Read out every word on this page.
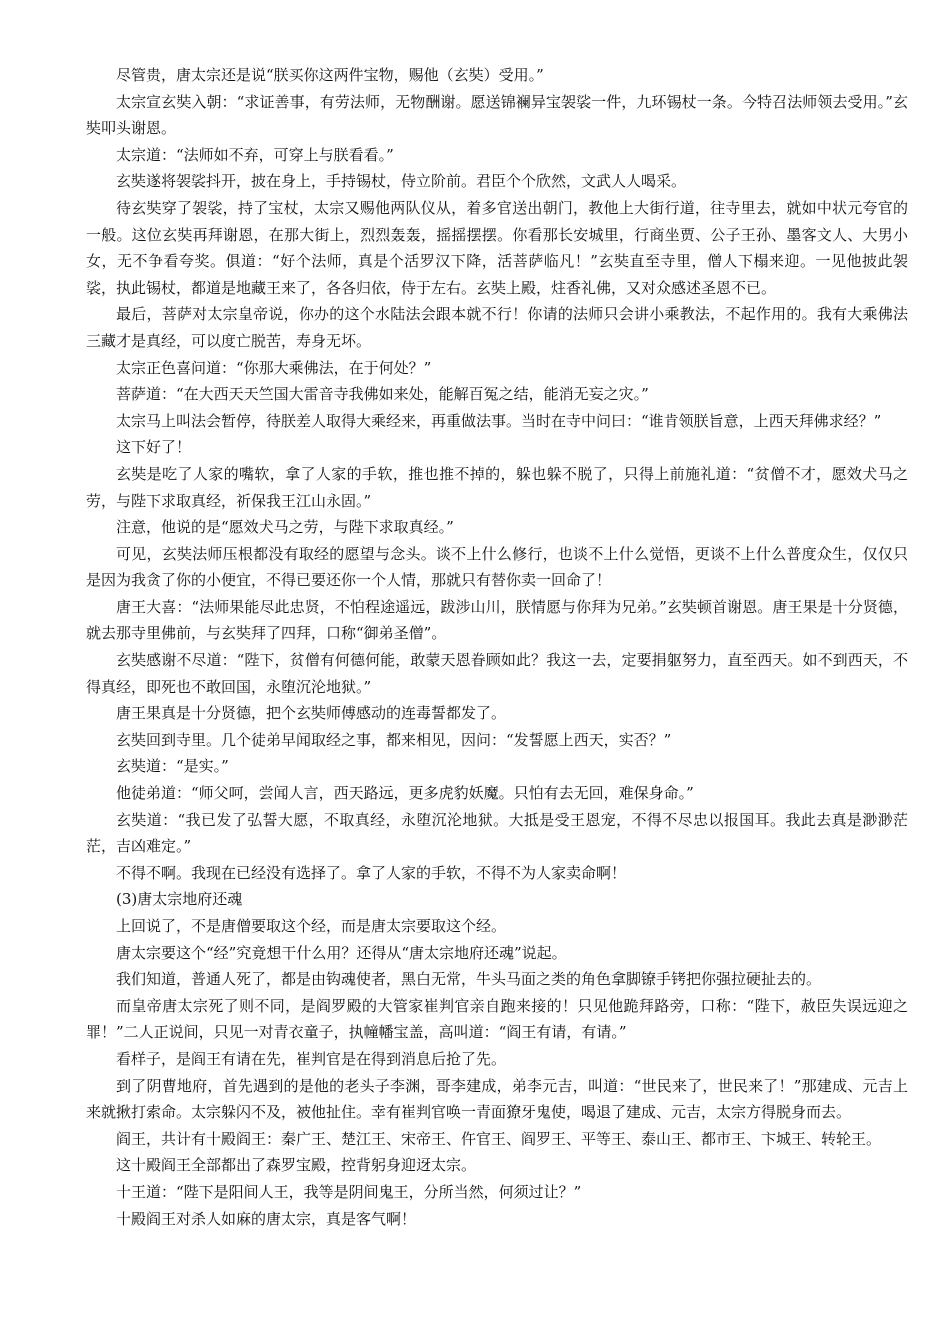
尽管贵，唐太宗还是说“朕买你这两件宝物，赐他（玄奘）受用。”

太宗宣玄奘入朝：“求证善事，有劳法师，无物酬谢。愿送锦襕异宝袈裟一件，九环锡杖一条。今特召法师领去受用。”玄奘叩头谢恩。

太宗道：“法师如不弃，可穿上与朕看看。”

玄奘遂将袈裟抖开，披在身上，手持锡杖，侍立阶前。君臣个个欣然，文武人人喝采。

待玄奘穿了袈裟，持了宝杖，太宗又赐他两队仪从，着多官送出朝门，教他上大街行道，往寺里去，就如中状元夸官的一般。这位玄奘再拜谢恩，在那大街上，烈烈轰轰，摇摇摆摆。你看那长安城里，行商坐贾、公子王孙、墨客文人、大男小女，无不争看夸奖。俱道：“好个法师，真是个活罗汉下降，活菩萨临凡！”玄奘直至寺里，僧人下榻来迎。一见他披此袈裟，执此锡杖，都道是地藏王来了，各各归依，侍于左右。玄奘上殿，炷香礼佛，又对众感述圣恩不已。

最后，菩萨对太宗皇帝说，你办的这个水陆法会跟本就不行！你请的法师只会讲小乘教法，不起作用的。我有大乘佛法三藏才是真经，可以度亡脱苦，寿身无坏。

太宗正色喜问道：“你那大乘佛法，在于何处？”

菩萨道：“在大西天天竺国大雷音寺我佛如来处，能解百冤之结，能消无妄之灾。”

太宗马上叫法会暂停，待朕差人取得大乘经来，再重做法事。当时在寺中问曰：“谁肯领朕旨意，上西天拜佛求经？”

这下好了！

玄奘是吃了人家的嘴软，拿了人家的手软，推也推不掉的，躲也躲不脱了，只得上前施礼道：“贫僧不才，愿效犬马之劳，与陛下求取真经，祈保我王江山永固。”

注意，他说的是“愿效犬马之劳，与陛下求取真经。”

可见，玄奘法师压根都没有取经的愿望与念头。谈不上什么修行，也谈不上什么觉悟，更谈不上什么普度众生，仅仅只是因为我贪了你的小便宜，不得已要还你一个人情，那就只有替你卖一回命了！

唐王大喜：“法师果能尽此忠贤，不怕程途遥远，跋涉山川，朕情愿与你拜为兄弟。”玄奘顿首谢恩。唐王果是十分贤德，就去那寺里佛前，与玄奘拜了四拜，口称“御弟圣僧”。

玄奘感谢不尽道：“陛下，贫僧有何德何能，敢蒙天恩眷顾如此？我这一去，定要捐躯努力，直至西天。如不到西天，不得真经，即死也不敢回国，永堕沉沦地狱。”

唐王果真是十分贤德，把个玄奘师傅感动的连毒誓都发了。

玄奘回到寺里。几个徒弟早闻取经之事，都来相见，因问：“发誓愿上西天，实否？”

玄奘道：“是实。”

他徒弟道：“师父呵，尝闻人言，西天路远，更多虎豹妖魔。只怕有去无回，难保身命。”

玄奘道：“我已发了弘誓大愿，不取真经，永堕沉沦地狱。大抵是受王恩宠，不得不尽忠以报国耳。我此去真是渺渺茫茫，吉凶难定。”

不得不啊。我现在已经没有选择了。拿了人家的手软，不得不为人家卖命啊！

(3)唐太宗地府还魂

上回说了，不是唐僧要取这个经，而是唐太宗要取这个经。

唐太宗要这个“经”究竟想干什么用？还得从“唐太宗地府还魂”说起。

我们知道，普通人死了，都是由钩魂使者，黑白无常，牛头马面之类的角色拿脚镣手铐把你强拉硬扯去的。

而皇帝唐太宗死了则不同，是阎罗殿的大管家崔判官亲自跑来接的！只见他跪拜路旁，口称：“陛下，赦臣失误远迎之罪！”二人正说间，只见一对青衣童子，执幢幡宝盖，高叫道：“阎王有请，有请。”

看样子，是阎王有请在先，崔判官是在得到消息后抢了先。

到了阴曹地府，首先遇到的是他的老头子李渊，哥李建成，弟李元吉，叫道：“世民来了，世民来了！”那建成、元吉上来就揪打索命。太宗躲闪不及，被他扯住。幸有崔判官唤一青面獠牙鬼使，喝退了建成、元吉，太宗方得脱身而去。

阎王，共计有十殿阎王：秦广王、楚江王、宋帝王、仵官王、阎罗王、平等王、泰山王、都市王、卞城王、转轮王。

这十殿阎王全部都出了森罗宝殿，控背躬身迎迓太宗。

十王道：“陛下是阳间人王，我等是阴间鬼王，分所当然，何须过让？”

十殿阎王对杀人如麻的唐太宗，真是客气啊！
